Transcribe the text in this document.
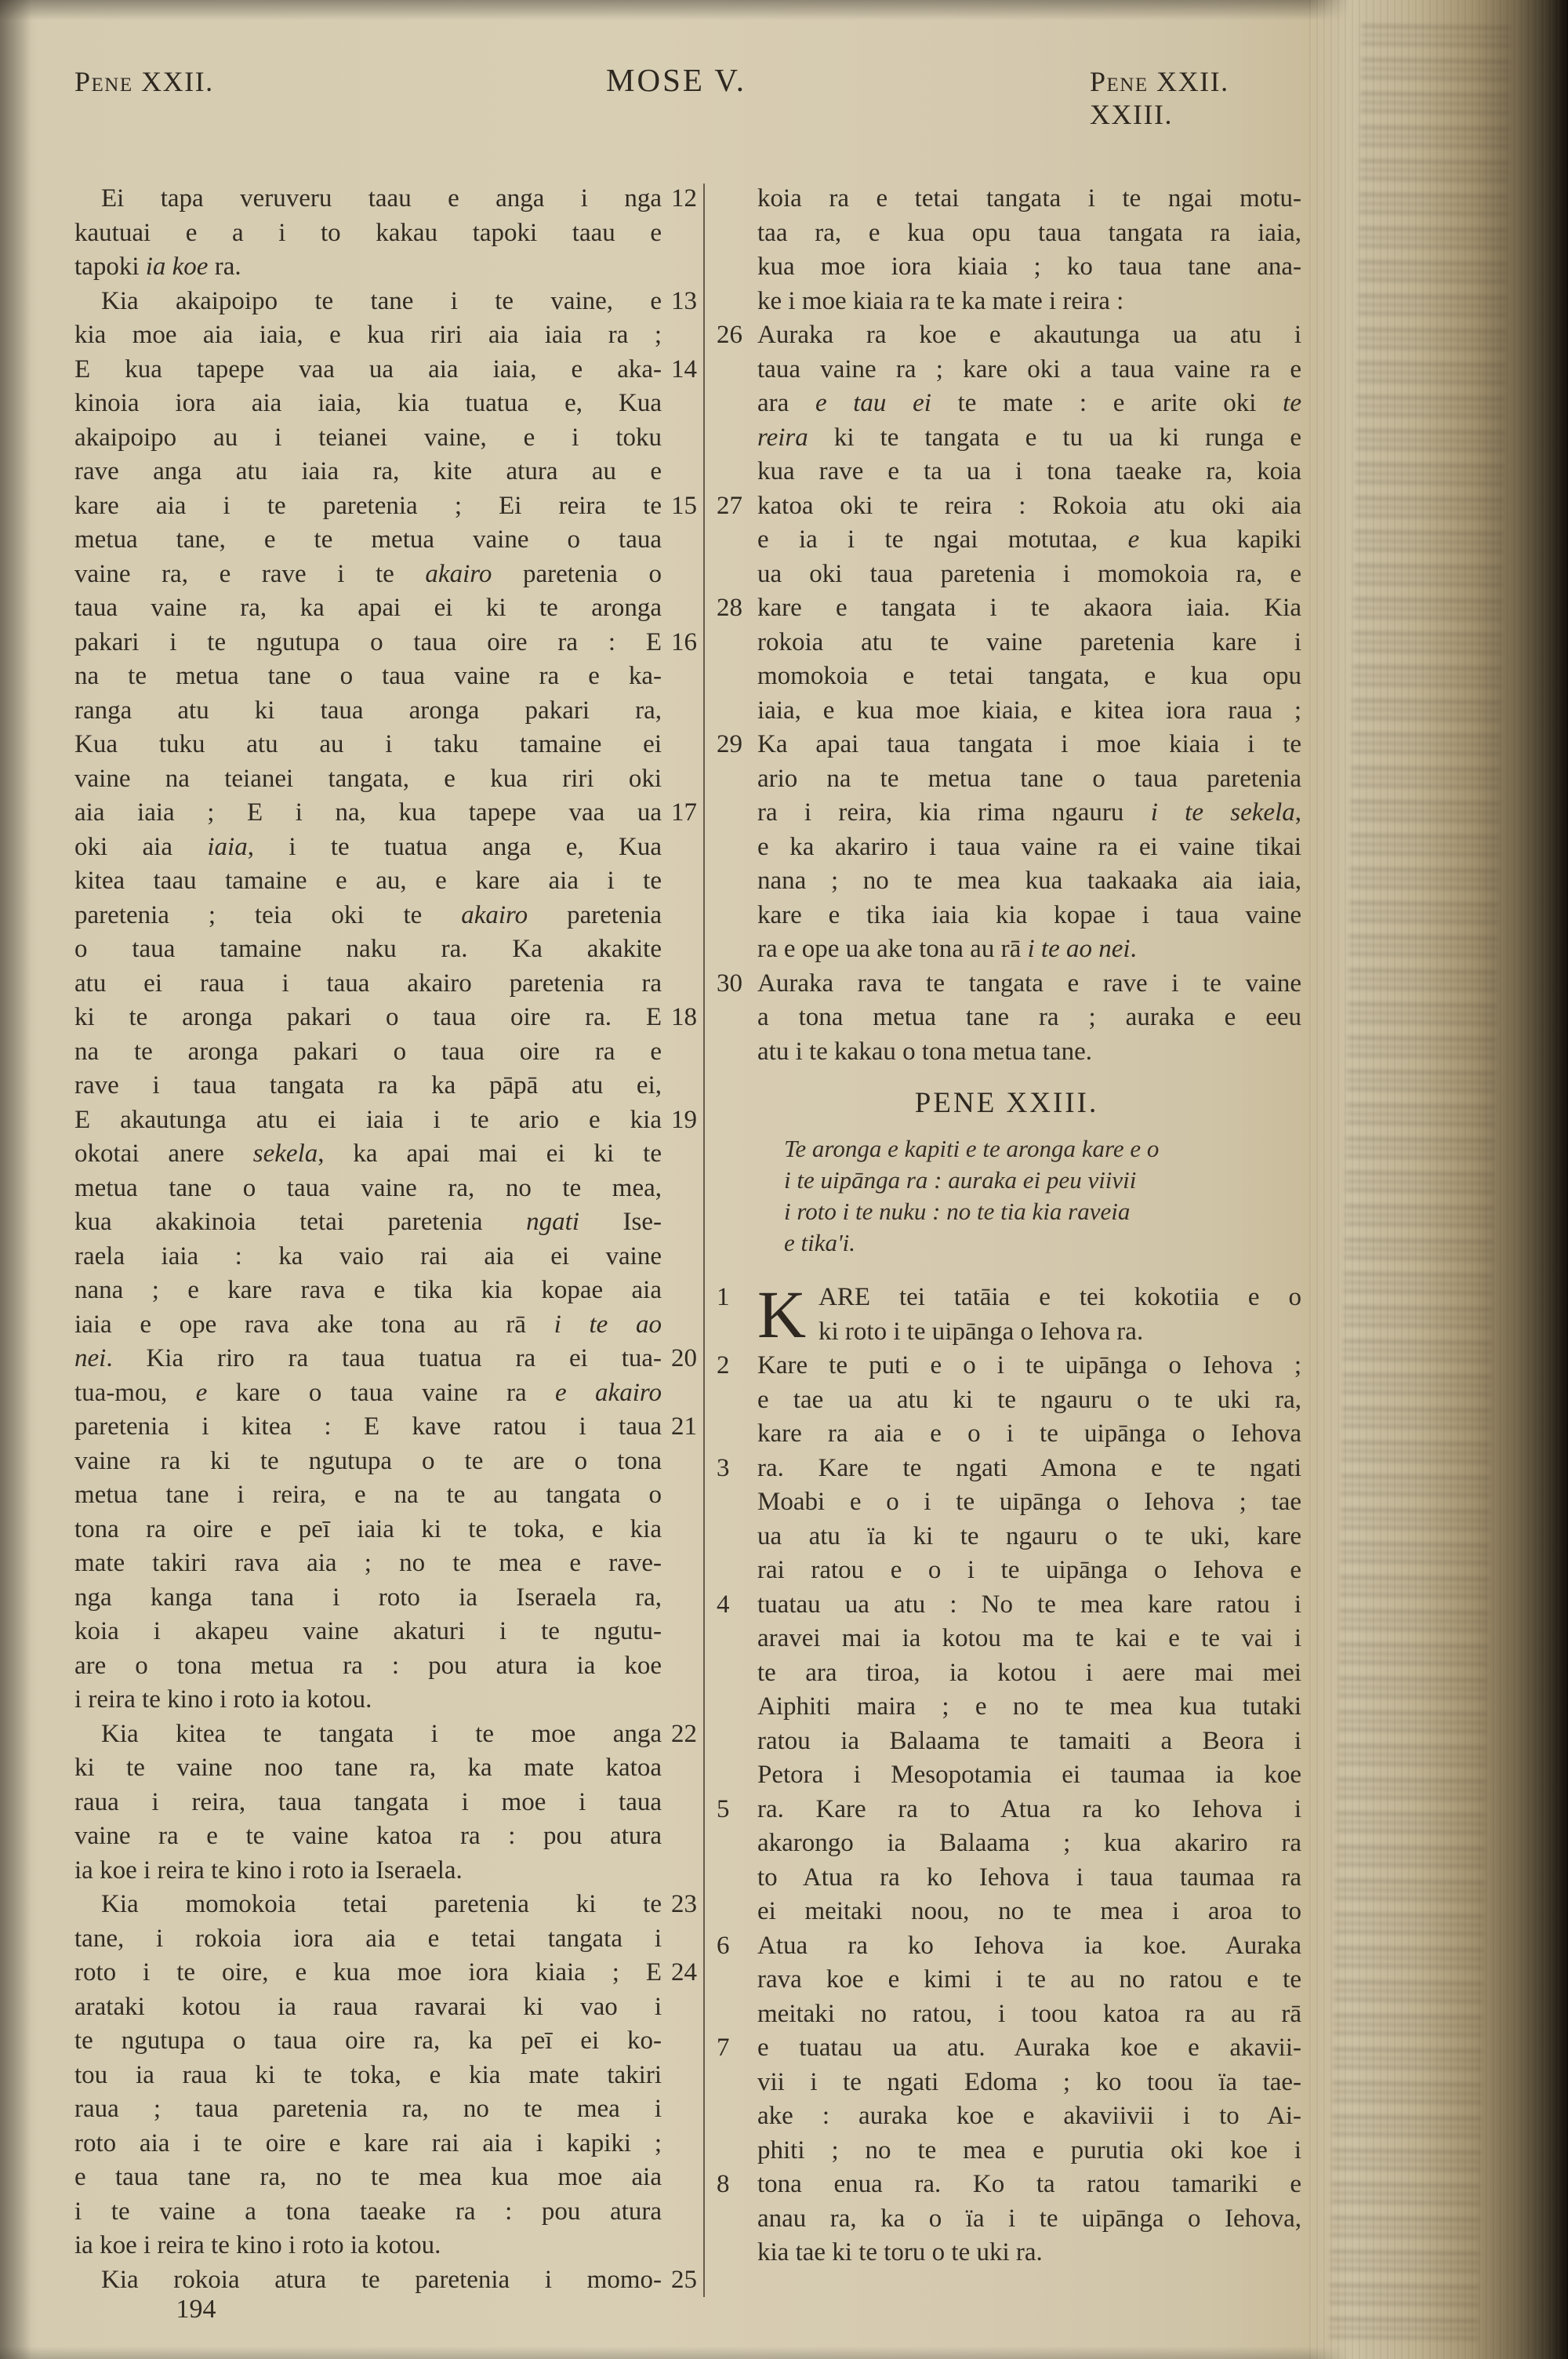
Pene XXII.	MOSE V.	Pene XXII. XXIII.
Ei tapa veruveru taau e anga i nga 12
kautuai e a i to kakau tapoki taau e
tapoki ia koe ra.
Kia akaipoipo te tane i te vaine, e 13
kia moe aia iaia, e kua riri aia iaia ra ;
E kua tapepe vaa ua aia iaia, e aka- 14
kinoia iora aia iaia, kia tuatua e, Kua
akaipoipo au i teianei vaine, e i toku
rave anga atu iaia ra, kite atura au e
kare aia i te paretenia ; Ei reira te 15
metua tane, e te metua vaine o taua
vaine ra, e rave i te akairo paretenia o
taua vaine ra, ka apai ei ki te aronga
pakari i te ngutupa o taua oire ra : E 16
na te metua tane o taua vaine ra e ka-
ranga atu ki taua aronga pakari ra,
Kua tuku atu au i taku tamaine ei
vaine na teianei tangata, e kua riri oki
aia iaia ; E i na, kua tapepe vaa ua 17
oki aia iaia, i te tuatua anga e, Kua
kitea taau tamaine e au, e kare aia i te
paretenia ; teia oki te akairo paretenia
o taua tamaine naku ra. Ka akakite
atu ei raua i taua akairo paretenia ra
ki te aronga pakari o taua oire ra. E 18
na te aronga pakari o taua oire ra e
rave i taua tangata ra ka pāpā atu ei,
E akautunga atu ei iaia i te ario e kia 19
okotai anere sekela, ka apai mai ei ki te
metua tane o taua vaine ra, no te mea,
kua akakinoia tetai paretenia ngati Ise-
raela iaia : ka vaio rai aia ei vaine
nana ; e kare rava e tika kia kopae aia
iaia e ope rava ake tona au rā i te ao
nei. Kia riro ra taua tuatua ra ei tua- 20
tua-mou, e kare o taua vaine ra e akairo
paretenia i kitea : E kave ratou i taua 21
vaine ra ki te ngutupa o te are o tona
metua tane i reira, e na te au tangata o
tona ra oire e peī iaia ki te toka, e kia
mate takiri rava aia ; no te mea e rave-
nga kanga tana i roto ia Iseraela ra,
koia i akapeu vaine akaturi i te ngutu-
are o tona metua ra : pou atura ia koe
i reira te kino i roto ia kotou.
Kia kitea te tangata i te moe anga 22
ki te vaine noo tane ra, ka mate katoa
raua i reira, taua tangata i moe i taua
vaine ra e te vaine katoa ra : pou atura
ia koe i reira te kino i roto ia Iseraela.
Kia momokoia tetai paretenia ki te 23
tane, i rokoia iora aia e tetai tangata i
roto i te oire, e kua moe iora kiaia ; E 24
arataki kotou ia raua ravarai ki vao i
te ngutupa o taua oire ra, ka peī ei ko-
tou ia raua ki te toka, e kia mate takiri
raua ; taua paretenia ra, no te mea i
roto aia i te oire e kare rai aia i kapiki ;
e taua tane ra, no te mea kua moe aia
i te vaine a tona taeake ra : pou atura
ia koe i reira te kino i roto ia kotou.
Kia rokoia atura te paretenia i momo- 25
koia ra e tetai tangata i te ngai motu-
taa ra, e kua opu taua tangata ra iaia,
kua moe iora kiaia ; ko taua tane ana-
ke i moe kiaia ra te ka mate i reira :
26 Auraka ra koe e akautunga ua atu i
taua vaine ra ; kare oki a taua vaine ra e
ara e tau ei te mate : e arite oki te
reira ki te tangata e tu ua ki runga e
kua rave e ta ua i tona taeake ra, koia
27 katoa oki te reira : Rokoia atu oki aia
e ia i te ngai motutaa, e kua kapiki
ua oki taua paretenia i momokoia ra, e
28 kare e tangata i te akaora iaia. Kia
rokoia atu te vaine paretenia kare i
momokoia e tetai tangata, e kua opu
iaia, e kua moe kiaia, e kitea iora raua ;
29 Ka apai taua tangata i moe kiaia i te
ario na te metua tane o taua paretenia
ra i reira, kia rima ngauru i te sekela,
e ka akariro i taua vaine ra ei vaine tikai
nana ; no te mea kua taakaaka aia iaia,
kare e tika iaia kia kopae i taua vaine
ra e ope ua ake tona au rā i te ao nei.
30 Auraka rava te tangata e rave i te vaine
a tona metua tane ra ; auraka e eeu
atu i te kakau o tona metua tane.
PENE XXIII.
Te aronga e kapiti e te aronga kare e o
i te uipānga ra : auraka ei peu viivii
i roto i te nuku : no te tia kia raveia
e tika'i.
K
1	ARE tei tatāia e tei kokotiia e o
ki roto i te uipānga o Iehova ra.
2	Kare te puti e o i te uipānga o Iehova ;
e tae ua atu ki te ngauru o te uki ra,
kare ra aia e o i te uipānga o Iehova
3	ra. Kare te ngati Amona e te ngati
Moabi e o i te uipānga o Iehova ; tae
ua atu ïa ki te ngauru o te uki, kare
rai ratou e o i te uipānga o Iehova e
4	tuatau ua atu : No te mea kare ratou i
aravei mai ia kotou ma te kai e te vai i
te ara tiroa, ia kotou i aere mai mei
Aiphiti maira ; e no te mea kua tutaki
ratou ia Balaama te tamaiti a Beora i
Petora i Mesopotamia ei taumaa ia koe
5	ra. Kare ra to Atua ra ko Iehova i
akarongo ia Balaama ; kua akariro ra
to Atua ra ko Iehova i taua taumaa ra
ei meitaki noou, no te mea i aroa to
6	Atua ra ko Iehova ia koe. Auraka
rava koe e kimi i te au no ratou e te
meitaki no ratou, i toou katoa ra au rā
7	e tuatau ua atu. Auraka koe e akavii-
vii i te ngati Edoma ; ko toou ïa tae-
ake : auraka koe e akaviivii i to Ai-
phiti ; no te mea e purutia oki koe i
8	tona enua ra. Ko ta ratou tamariki e
anau ra, ka o ïa i te uipānga o Iehova,
kia tae ki te toru o te uki ra.
194
